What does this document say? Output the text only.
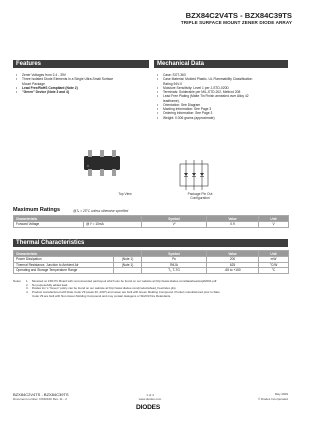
BZX84C2V4TS - BZX84C39TS
TRIPLE SURFACE MOUNT ZENER DIODE ARRAY
Features
• Zener Voltages from 2.4 - 39V
• Three Isolated Diode Elements in a Single Ultra-Small Surface
Mount Package
• Lead Free/RoHS Compliant (Note 2)
• "Green" Device (Note 3 and 4)
Mechanical Data
• Case: SOT-363
• Case Material: Molded Plastic. UL Flammability Classification
Rating 94V-0
• Moisture Sensitivity: Level 1 per J-STD-020D
• Terminals: Solderable per MIL-STD-202, Method 208
• Lead Free Plating (Matte Tin Finish annealed over Alloy 42
leadframe).
• Orientation: See Diagram
• Marking Information: See Page 3
• Ordering Information: See Page 3
• Weight: 0.006 grams (approximate)
Top View	Package Pin Out
Configuration
Maximum Ratings	@Tₐ = 25°C unless otherwise specified
Characteristic		Symbol	Value	Unit
Forward Voltage	@ Iᶠ = 10mA	Vᶠ	0.9	V
Thermal Characteristics
Characteristic		Symbol	Value	Unit
Power Dissipation	(Note 1)	Pᴅ	200	mW
Thermal Resistance, Junction to Ambient Air	(Note 1)	RθJA	625	°C/W
Operating and Storage Temperature Range		Tⱼ, TₛTG	-65 to +150	°C
Notes:	1.	Mounted on FR4 PC Board with recommended pad layout which can be found on our website at http://www.diodes.com/datasheets/ap02001.pdf
2.	No purposefully added lead.
3.	Diodes Inc.'s "Green" policy can be found on our website at http://www.diodes.com/products/lead_free/index.php
4.	Product manufactured with Date Code V9 (week 40, 2007) and newer are built with Green Molding Compound. Product manufactured prior to Date
Code V9 are built with Non-Green Molding Compound and may contain Halogens or Sb2O3 Fire Retardants.
BZX84C2V4TS - BZX84C39TS
Document number: DS30160 Rev. 11 - 2
1 of 4
www.diodes.com
May 2009
© Diodes Incorporated
DIODES
